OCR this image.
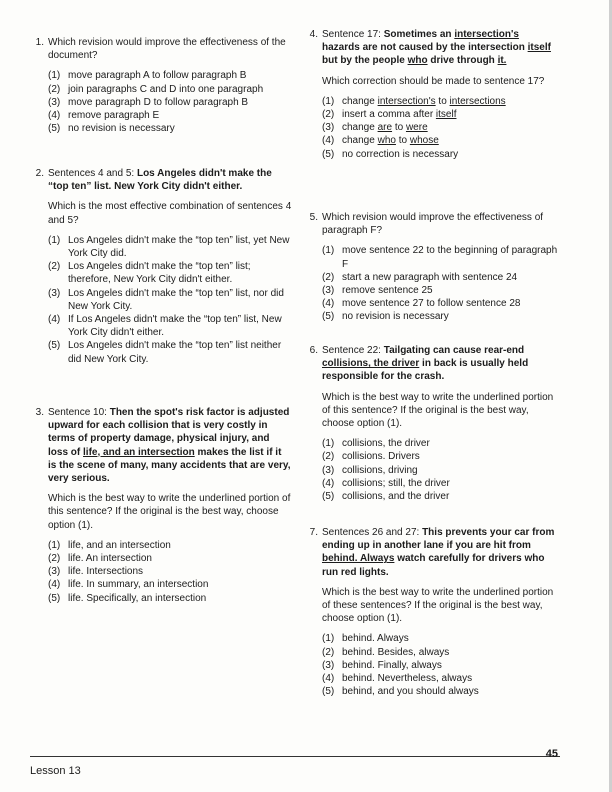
1. Which revision would improve the effectiveness of the document?
(1) move paragraph A to follow paragraph B
(2) join paragraphs C and D into one paragraph
(3) move paragraph D to follow paragraph B
(4) remove paragraph E
(5) no revision is necessary
2. Sentences 4 and 5: Los Angeles didn't make the “top ten” list. New York City didn't either.
Which is the most effective combination of sentences 4 and 5?
(1) Los Angeles didn't make the “top ten” list, yet New York City did.
(2) Los Angeles didn't make the “top ten” list; therefore, New York City didn't either.
(3) Los Angeles didn't make the “top ten” list, nor did New York City.
(4) If Los Angeles didn't make the “top ten” list, New York City didn't either.
(5) Los Angeles didn't make the “top ten” list neither did New York City.
3. Sentence 10: Then the spot's risk factor is adjusted upward for each collision that is very costly in terms of property damage, physical injury, and loss of life, and an intersection makes the list if it is the scene of many, many accidents that are very, very serious.
Which is the best way to write the underlined portion of this sentence? If the original is the best way, choose option (1).
(1) life, and an intersection
(2) life. An intersection
(3) life. Intersections
(4) life. In summary, an intersection
(5) life. Specifically, an intersection
4. Sentence 17: Sometimes an intersection's hazards are not caused by the intersection itself but by the people who drive through it.
Which correction should be made to sentence 17?
(1) change intersection's to intersections
(2) insert a comma after itself
(3) change are to were
(4) change who to whose
(5) no correction is necessary
5. Which revision would improve the effectiveness of paragraph F?
(1) move sentence 22 to the beginning of paragraph F
(2) start a new paragraph with sentence 24
(3) remove sentence 25
(4) move sentence 27 to follow sentence 28
(5) no revision is necessary
6. Sentence 22: Tailgating can cause rear-end collisions, the driver in back is usually held responsible for the crash.
Which is the best way to write the underlined portion of this sentence? If the original is the best way, choose option (1).
(1) collisions, the driver
(2) collisions. Drivers
(3) collisions, driving
(4) collisions; still, the driver
(5) collisions, and the driver
7. Sentences 26 and 27: This prevents your car from ending up in another lane if you are hit from behind. Always watch carefully for drivers who run red lights.
Which is the best way to write the underlined portion of these sentences? If the original is the best way, choose option (1).
(1) behind. Always
(2) behind. Besides, always
(3) behind. Finally, always
(4) behind. Nevertheless, always
(5) behind, and you should always
Lesson 13
45
